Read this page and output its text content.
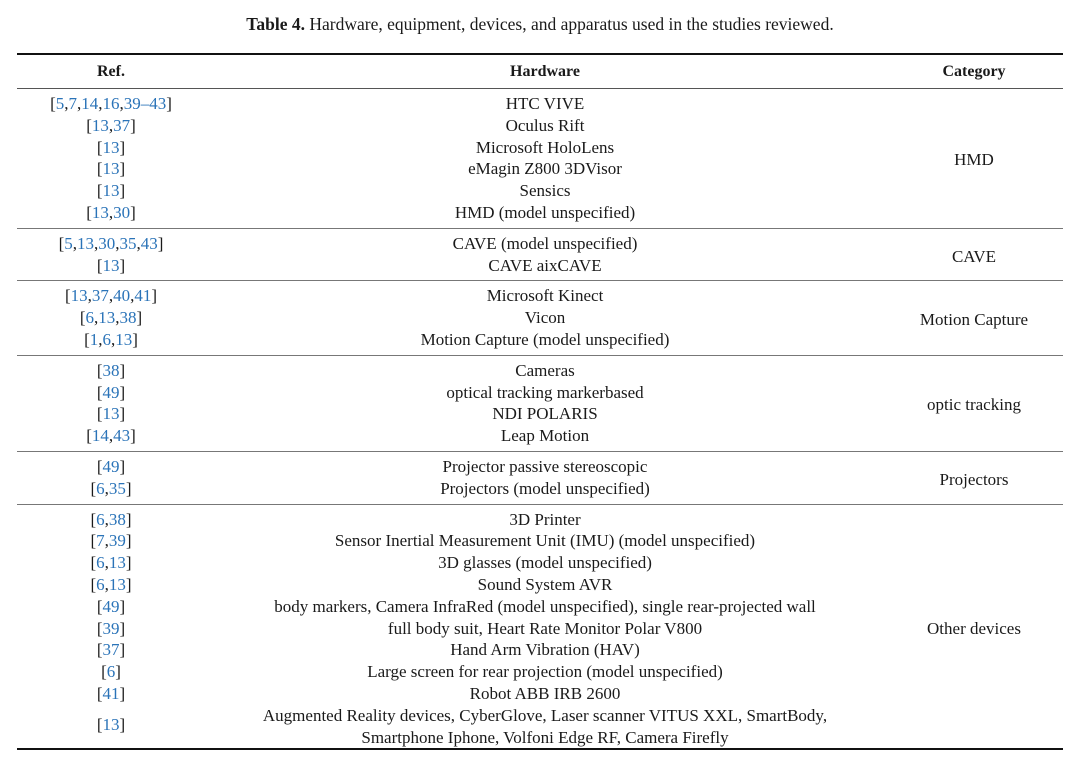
Table 4. Hardware, equipment, devices, and apparatus used in the studies reviewed.
Ref.	Hardware	Category
[5,7,14,16,39–43]	HTC VIVE	HMD
[13,37]	Oculus Rift	
[13]	Microsoft HoloLens	
[13]	eMagin Z800 3DVisor	
[13]	Sensics	
[13,30]	HMD (model unspecified)	
[5,13,30,35,43]	CAVE (model unspecified)	CAVE
[13]	CAVE aixCAVE	
[13,37,40,41]	Microsoft Kinect	Motion Capture
[6,13,38]	Vicon	
[1,6,13]	Motion Capture (model unspecified)	
[38]	Cameras	optic tracking
[49]	optical tracking markerbased	
[13]	NDI POLARIS	
[14,43]	Leap Motion	
[49]	Projector passive stereoscopic	Projectors
[6,35]	Projectors (model unspecified)	
[6,38]	3D Printer	Other devices
[7,39]	Sensor Inertial Measurement Unit (IMU) (model unspecified)	
[6,13]	3D glasses (model unspecified)	
[6,13]	Sound System AVR	
[49]	body markers, Camera InfraRed (model unspecified), single rear-projected wall	
[39]	full body suit, Heart Rate Monitor Polar V800	
[37]	Hand Arm Vibration (HAV)	
[6]	Large screen for rear projection (model unspecified)	
[41]	Robot ABB IRB 2600	
[13]	Augmented Reality devices, CyberGlove, Laser scanner VITUS XXL, SmartBody, Smartphone Iphone, Volfoni Edge RF, Camera Firefly	
